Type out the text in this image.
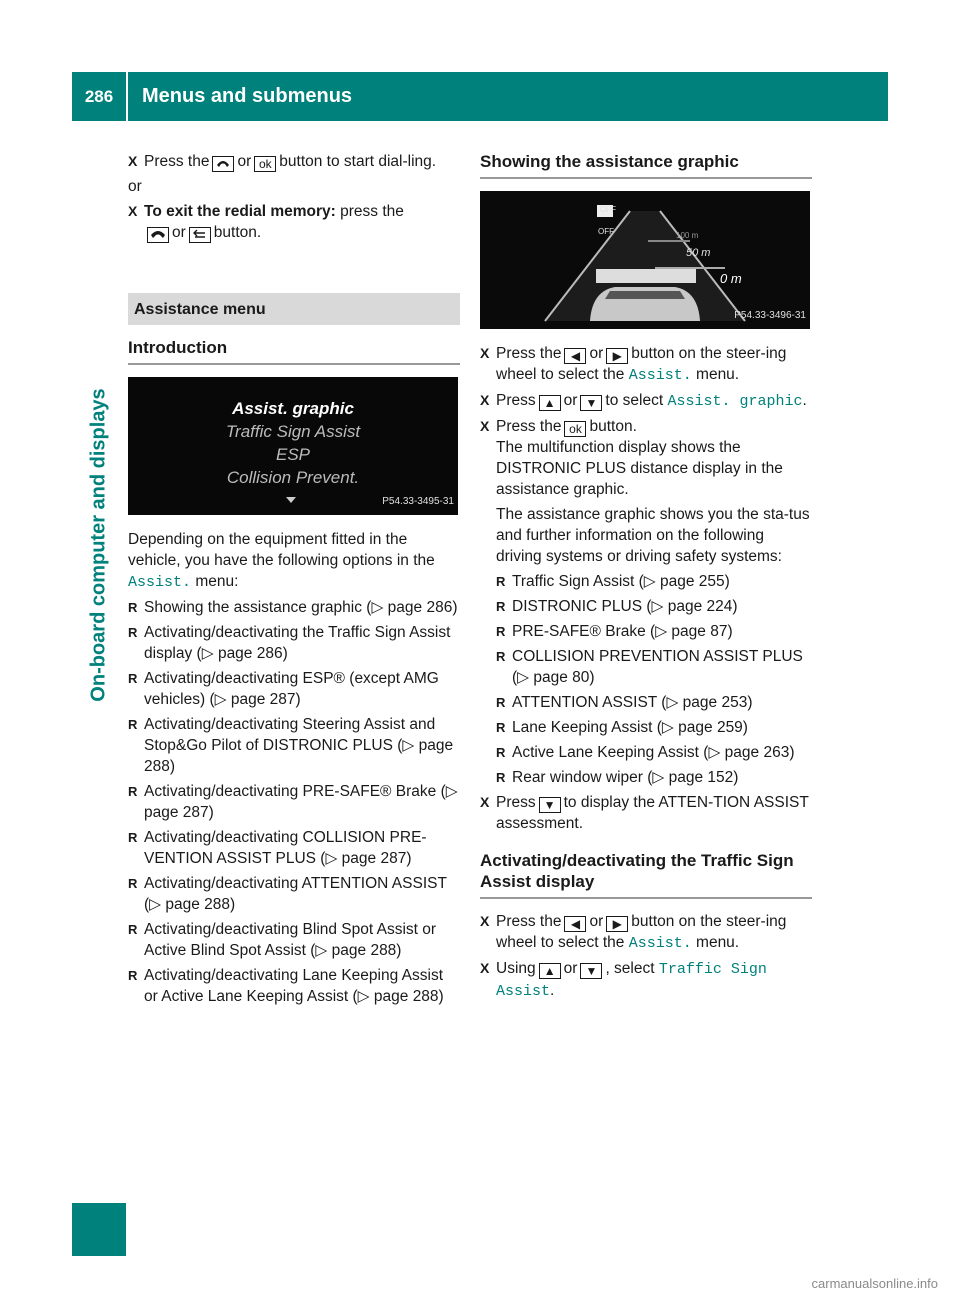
286	Menus and submenus
On-board computer and displays

X Press the or ok button to start dial-ling.

or

X To exit the redial memory: press the
or button.

Assistance menu
Introduction
Assist. graphic
Traffic Sign Assist
ESP
Collision Prevent.
P54.33-3495-31

Depending on the equipment fitted in the vehicle, you have the following options in the
Assist. menu:

R Showing the assistance graphic (▷ page 286)

R Activating/deactivating the Traffic Sign Assist display (▷ page 286)

R Activating/deactivating ESP® (except AMG vehicles) (▷ page 287)

R Activating/deactivating Steering Assist and Stop&Go Pilot of DISTRONIC PLUS (▷ page 288)

R Activating/deactivating PRE-SAFE® Brake (▷ page 287)

R Activating/deactivating COLLISION PRE-VENTION ASSIST PLUS (▷ page 287)

R Activating/deactivating ATTENTION ASSIST (▷ page 288)

R Activating/deactivating Blind Spot Assist or Active Blind Spot Assist (▷ page 288)

R Activating/deactivating Lane Keeping Assist or Active Lane Keeping Assist (▷ page 288)

Showing the assistance graphic
OFF
OFF	100 m
50 m
0 m
P54.33-3496-31

X Press the ◀ or ▶ button on the steer-ing wheel to select the Assist. menu.

X Press ▲ or ▼ to select Assist. graphic.

X Press the ok button.
The multifunction display shows the DISTRONIC PLUS distance display in the assistance graphic.

The assistance graphic shows you the sta-tus and further information on the following driving systems or driving safety systems:

R Traffic Sign Assist (▷ page 255)

R DISTRONIC PLUS (▷ page 224)

R PRE-SAFE® Brake (▷ page 87)

R COLLISION PREVENTION ASSIST PLUS (▷ page 80)

R ATTENTION ASSIST (▷ page 253)

R Lane Keeping Assist (▷ page 259)

R Active Lane Keeping Assist (▷ page 263)

R Rear window wiper (▷ page 152)

X Press ▼ to display the ATTEN-TION ASSIST assessment.

Activating/deactivating the Traffic Sign Assist display

X Press the ◀ or ▶ button on the steer-ing wheel to select the Assist. menu.

X Using ▲ or ▼ , select Traffic Sign Assist.

carmanualsonline.info
